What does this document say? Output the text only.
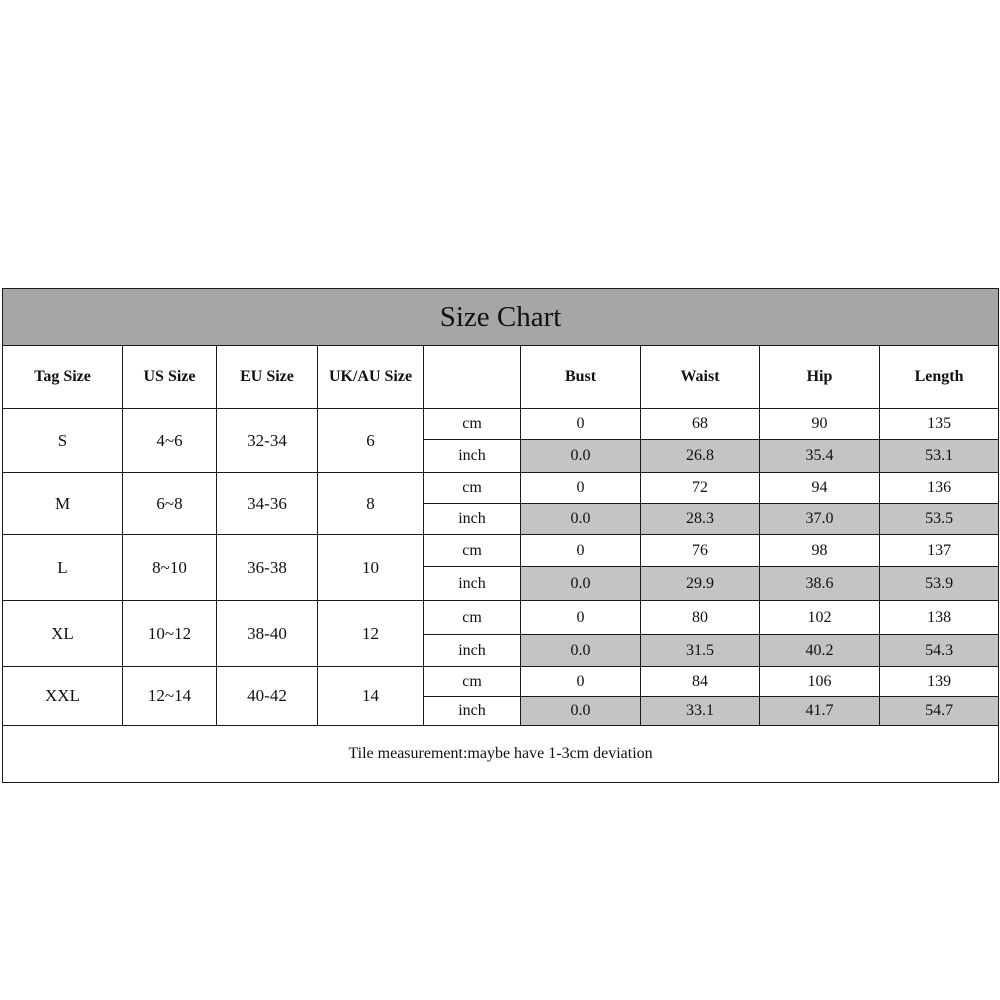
Size Chart								
Tag Size	US Size	EU Size	UK/AU Size		Bust	Waist	Hip	Length
S	4~6	32-34	6	cm	0	68	90	135
				inch	0.0	26.8	35.4	53.1
M	6~8	34-36	8	cm	0	72	94	136
				inch	0.0	28.3	37.0	53.5
L	8~10	36-38	10	cm	0	76	98	137
				inch	0.0	29.9	38.6	53.9
XL	10~12	38-40	12	cm	0	80	102	138
				inch	0.0	31.5	40.2	54.3
XXL	12~14	40-42	14	cm	0	84	106	139
				inch	0.0	33.1	41.7	54.7
Tile measurement:maybe have 1-3cm deviation								
